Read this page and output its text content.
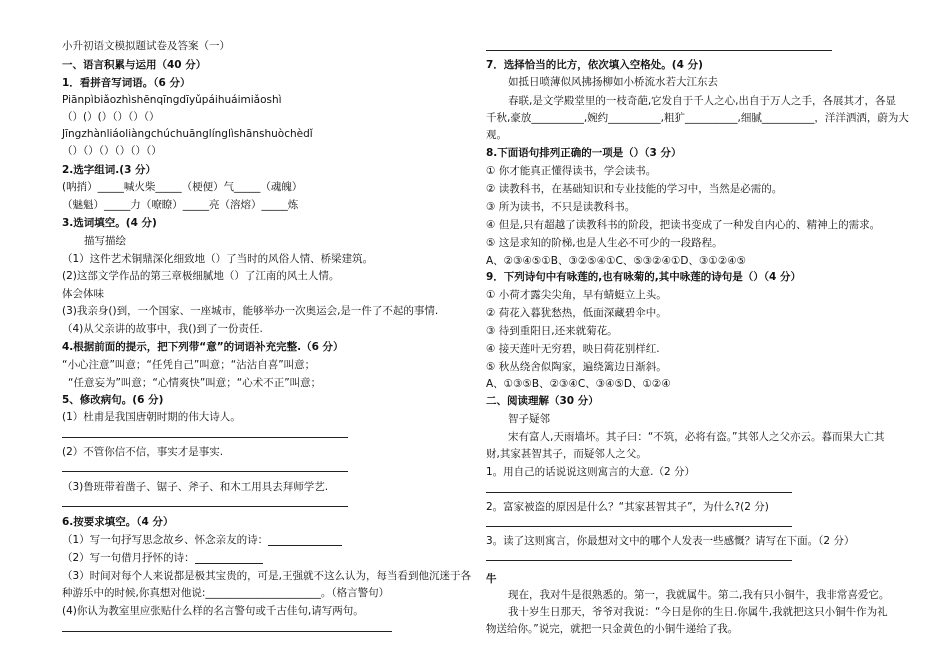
小升初语文模拟题试卷及答案（一）
一、语言积累与运用（40 分）
1．看拼音写词语。（6 分）
Piānpìbiǎozhìshēnqīngdīyǔpáihuáimiǎoshì
（）(）(）（）（）（）
Jīngzhànliáoliàngchúchuānglínglìshānshuòchèdǐ
（）（）（）（）（）（）
2.选字组词.(3 分）
(呐捎）_____喊火柴_____（梗便）气_____（魂魄）
（魅魁）_____力（嘹瞭）_____亮（溶熔）_____炼
3.选词填空。(4 分)
描写描绘
（1）这件艺术铜鼎深化细致地（）了当时的风俗人情、桥梁建筑。
(2)这部文学作品的第三章极细腻地（）了江南的风土人情。
体会体味
(3)我亲身()到，一个国家、一座城市，能够举办一次奥运会,是一件了不起的事情.
（4)从父亲讲的故事中，我()到了一份责任.
4.根据前面的提示，把下列带“意”的词语补充完整.（6 分）
“小心注意”叫意；“任凭自己”叫意；“沾沾自喜”叫意；
“任意妄为”叫意；“心情爽快”叫意；“心术不正”叫意；
5、修改病句。(6 分)
(1）杜甫是我国唐朝时期的伟大诗人。
(2）不管你信不信，事实才是事实.
（3)鲁班带着凿子、锯子、斧子、和木工用具去拜师学艺.
6.按要求填空。（4 分）
（1）写一句抒写思念故乡、怀念亲友的诗：
（2）写一句借月抒怀的诗：
（3）时间对每个人来说都是极其宝贵的，可是,王强就不这么认为，每当看到他沉迷于各
种游乐中的时候,你真想对他说:______________________。（格言警句）
(4)你认为教室里应张贴什么样的名言警句或千古佳句,请写两句。
7．选择恰当的比方，依次填入空格处。(4 分)
如抵日喷薄似风拂扬柳如小桥流水若大江东去
春联,是文学殿堂里的一枝奇葩,它发自于千人之心,出自于万人之手，各展其才，各显
千秋,豪放__________,婉约__________,粗犷__________,细腻__________，洋洋洒洒，蔚为大
观。
8.下面语句排列正确的一项是（）（3 分）
① 你才能真正懂得读书，学会读书。
② 读教科书，在基础知识和专业技能的学习中，当然是必需的。
③ 所为读书，不只是读教科书。
④ 但是,只有超越了读教科书的阶段，把读书变成了一种发自内心的、精神上的需求。
⑤ 这是求知的阶梯,也是人生必不可少的一段路程。
A、②③④⑤①B、③②⑤④①C、⑤③②④①D、③①②④⑤
9．下列诗句中有咏莲的,也有咏菊的,其中咏莲的诗句是（）（4 分）
① 小荷才露尖尖角，早有蜻蜓立上头。
② 荷花入暮犹愁热，低面深藏碧伞中。
③ 待到重阳日,还来就菊花。
④ 接天莲叶无穷碧，映日荷花别样红.
⑤ 秋丛绕舍似陶家，遍绕篱边日渐斜。
A、①③⑤B、②③④C、③④⑤D、①②④
二、阅读理解（30 分）
智子疑邻
宋有富人,天雨墙坏。其子曰：“不筑，必将有盗。”其邻人之父亦云。暮而果大亡其
财,其家甚智其子，而疑邻人之父。
1。用自己的话说说这则寓言的大意.（2 分）
2。富家被盗的原因是什么？“其家甚智其子”，为什么?(2 分)
3。读了这则寓言，你最想对文中的哪个人发表一些感慨？请写在下面。（2 分）
牛
现在，我对牛是很熟悉的。第一，我就属牛。第二,我有只小铜牛，我非常喜爱它。
我十岁生日那天，爷爷对我说：“今日是你的生日.你属牛,我就把这只小铜牛作为礼
物送给你。”说完，就把一只金黄色的小铜牛递给了我。
